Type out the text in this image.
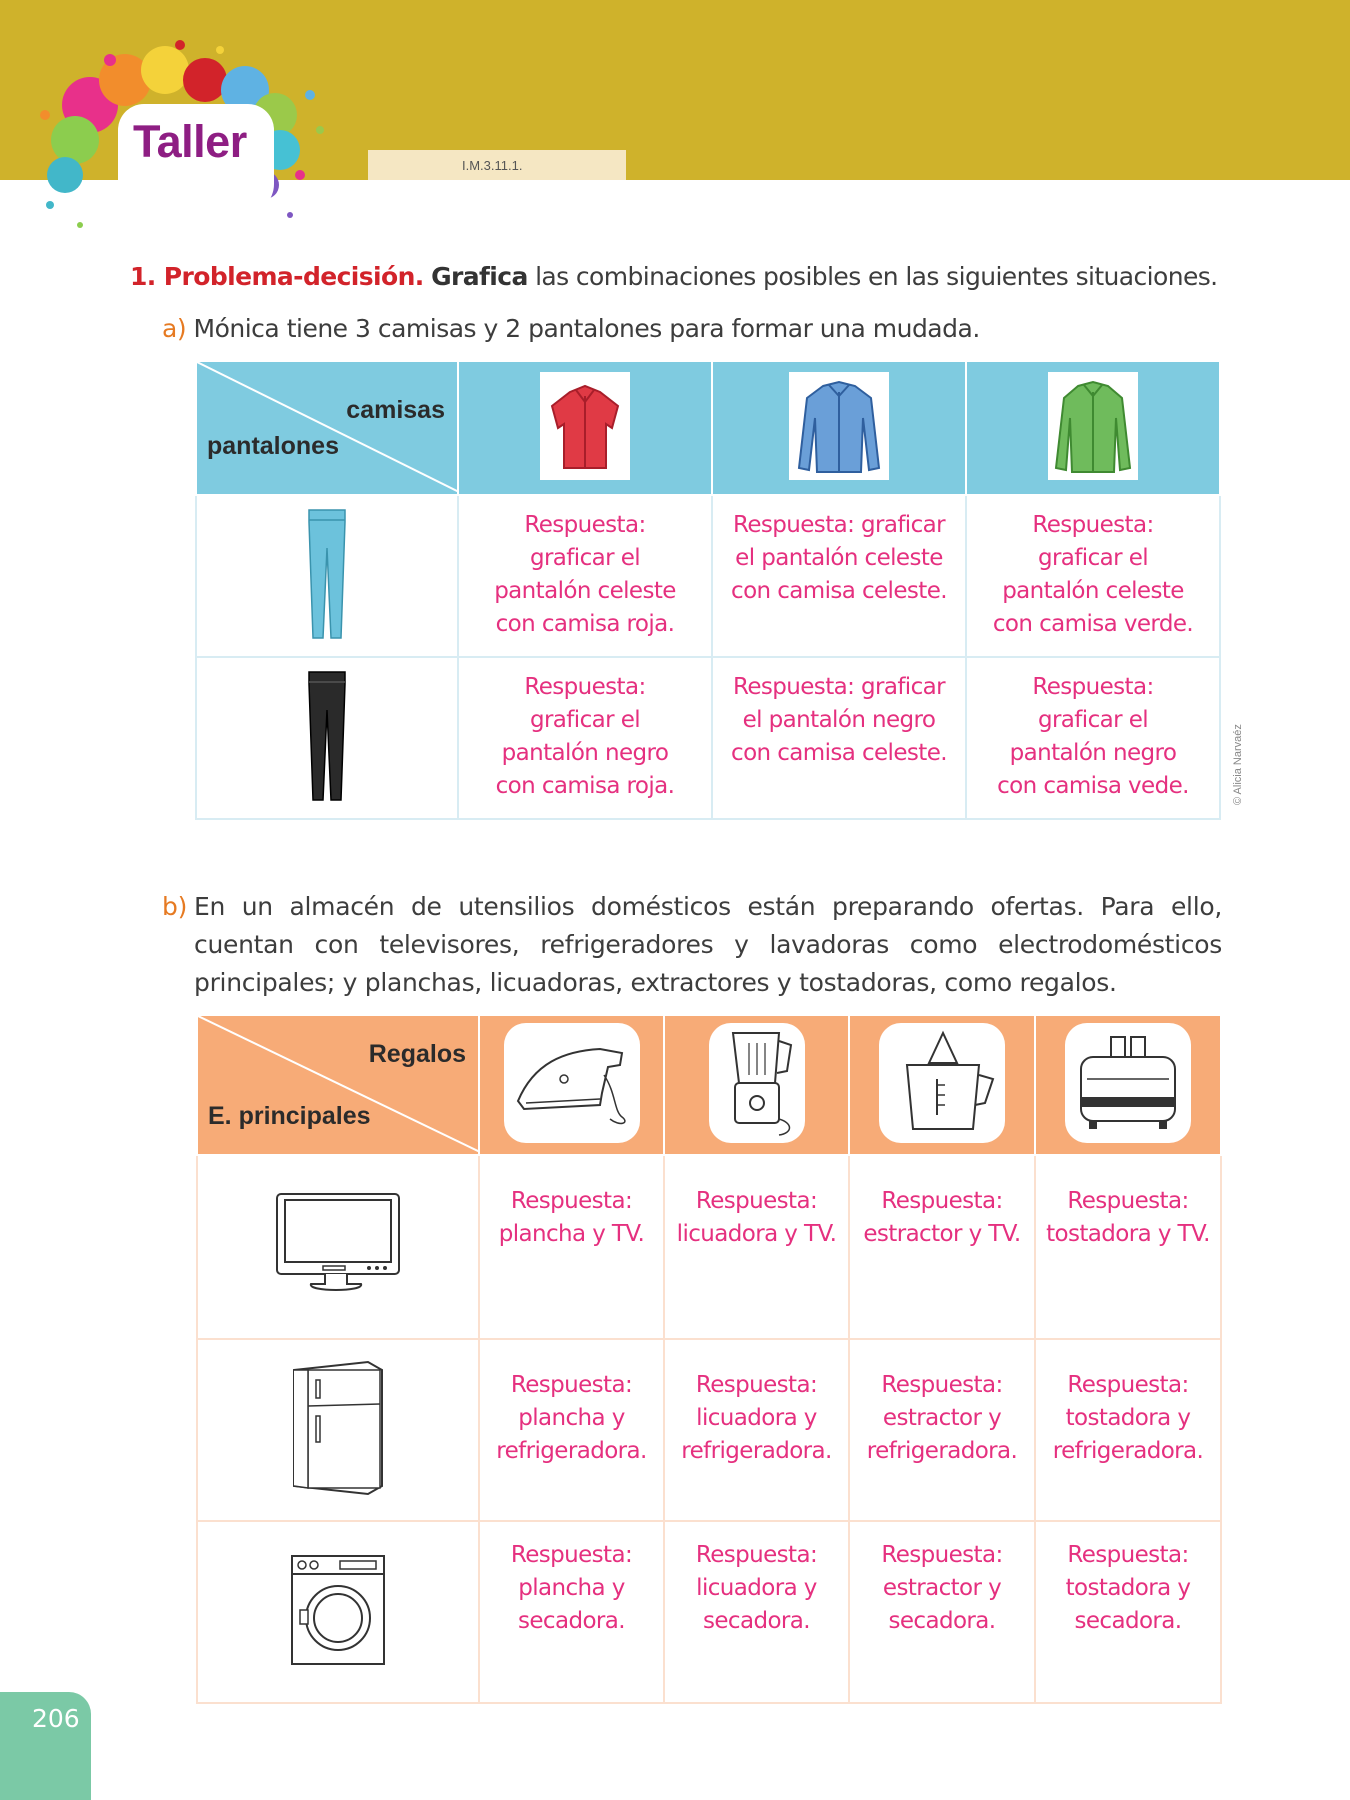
Taller	I.M.3.11.1.
1. Problema-decisión. Grafica las combinaciones posibles en las siguientes situaciones.
a) Mónica tiene 3 camisas y 2 pantalones para formar una mudada.
camisas
pantalones

Respuesta: graficar el pantalón celeste con camisa roja.	Respuesta: graficar el pantalón celeste con camisa celeste.	Respuesta: graficar el pantalón celeste con camisa verde.

Respuesta: graficar el pantalón negro con camisa roja.	Respuesta: graficar el pantalón negro con camisa celeste.	Respuesta: graficar el pantalón negro con camisa vede.	© Alicia Narvaéz
b) En un almacén de utensilios domésticos están preparando ofertas. Para ello, cuentan con televisores, refrigeradores y lavadoras como electrodomésticos principales; y planchas, licuadoras, extractores y tostadoras, como regalos.
Regalos
E. principales

Respuesta: plancha y TV.	Respuesta: licuadora y TV.	Respuesta: estractor y TV.	Respuesta: tostadora y TV.

Respuesta: plancha y refrigeradora.	Respuesta: licuadora y refrigeradora.	Respuesta: estractor y refrigeradora.	Respuesta: tostadora y refrigeradora.

Respuesta: plancha y secadora.	Respuesta: licuadora y secadora.	Respuesta: estractor y secadora.	Respuesta: tostadora y secadora.
206
